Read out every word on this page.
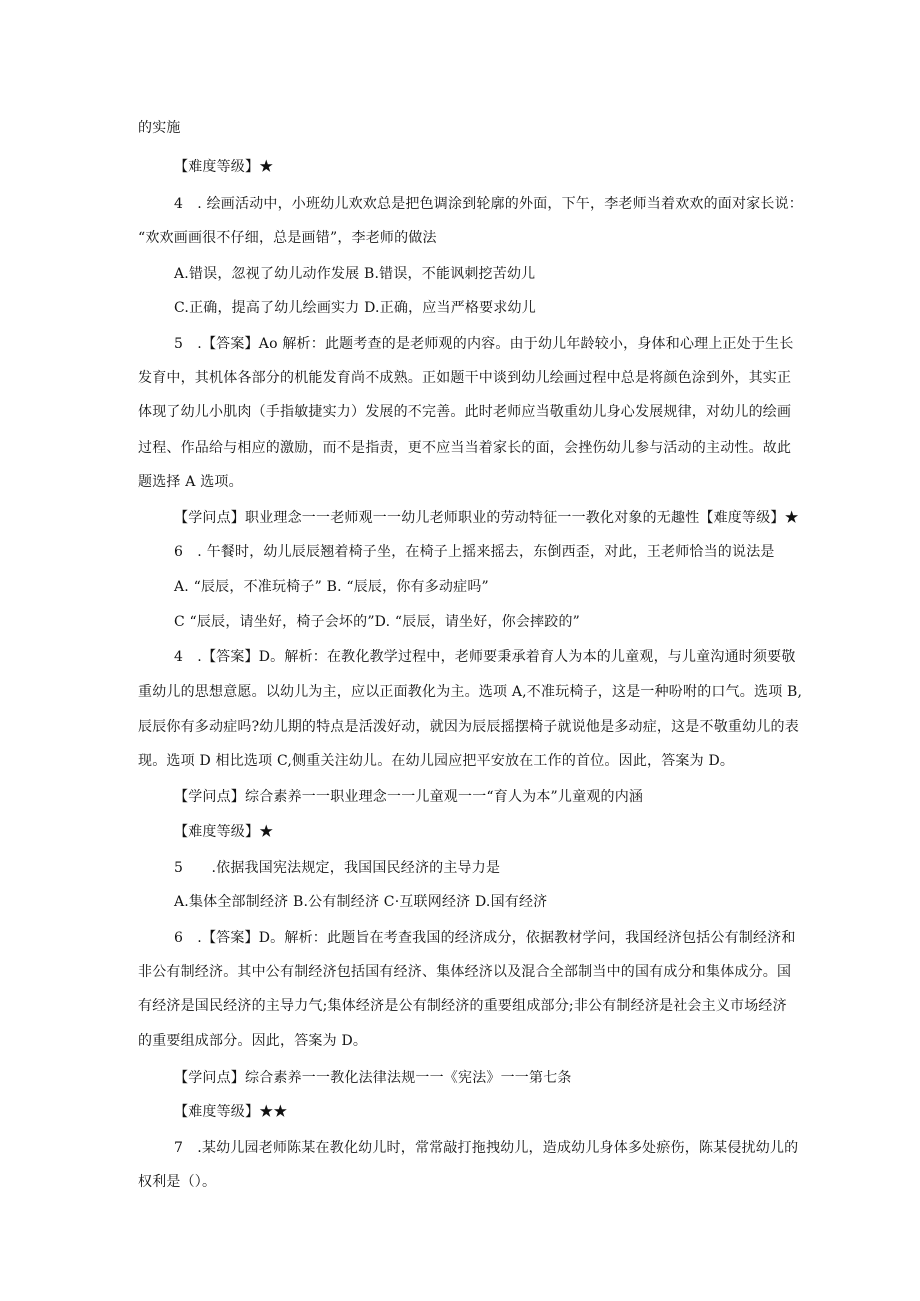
的实施
【难度等级】★
4　. 绘画活动中，小班幼儿欢欢总是把色调涂到轮廓的外面，下午，李老师当着欢欢的面对家长说：
“欢欢画画很不仔细，总是画错”，李老师的做法
A.错误，忽视了幼儿动作发展 B.错误，不能讽刺挖苦幼儿
C.正确，提高了幼儿绘画实力 D.正确，应当严格要求幼儿
5　.【答案】Ao 解析：此题考查的是老师观的内容。由于幼儿年龄较小，身体和心理上正处于生长
发育中，其机体各部分的机能发育尚不成熟。正如题干中谈到幼儿绘画过程中总是将颜色涂到外，其实正
体现了幼儿小肌肉（手指敏捷实力）发展的不完善。此时老师应当敬重幼儿身心发展规律，对幼儿的绘画
过程、作品给与相应的激励，而不是指责，更不应当当着家长的面，会挫伤幼儿参与活动的主动性。故此
题选择 A 选项。
【学问点】职业理念一一老师观一一幼儿老师职业的劳动特征一一教化对象的无趣性【难度等级】★
6　. 午餐时，幼儿辰辰翘着椅子坐，在椅子上摇来摇去，东倒西歪，对此，王老师恰当的说法是
A. “辰辰，不准玩椅子” B. “辰辰，你有多动症吗”
C “辰辰，请坐好，椅子会坏的”D. “辰辰，请坐好，你会摔跤的”
4　.【答案】D。解析：在教化教学过程中，老师要秉承着育人为本的儿童观，与儿童沟通时须要敬
重幼儿的思想意愿。以幼儿为主，应以正面教化为主。选项 A,不准玩椅子，这是一种吩咐的口气。选项 B,
辰辰你有多动症吗?幼儿期的特点是活泼好动，就因为辰辰摇摆椅子就说他是多动症，这是不敬重幼儿的表
现。选项 D 相比选项 C,侧重关注幼儿。在幼儿园应把平安放在工作的首位。因此，答案为 D。
【学问点】综合素养一一职业理念一一儿童观一一“育人为本”儿童观的内涵
【难度等级】★
5　　.依据我国宪法规定，我国国民经济的主导力是
A.集体全部制经济 B.公有制经济 C·互联网经济 D.国有经济
6　.【答案】D。解析：此题旨在考查我国的经济成分，依据教材学问，我国经济包括公有制经济和
非公有制经济。其中公有制经济包括国有经济、集体经济以及混合全部制当中的国有成分和集体成分。国
有经济是国民经济的主导力气;集体经济是公有制经济的重要组成部分;非公有制经济是社会主义市场经济
的重要组成部分。因此，答案为 D。
【学问点】综合素养一一教化法律法规一一《宪法》一一第七条
【难度等级】★★
7　.某幼儿园老师陈某在教化幼儿时，常常敲打拖拽幼儿，造成幼儿身体多处瘀伤，陈某侵扰幼儿的
权利是（）。
